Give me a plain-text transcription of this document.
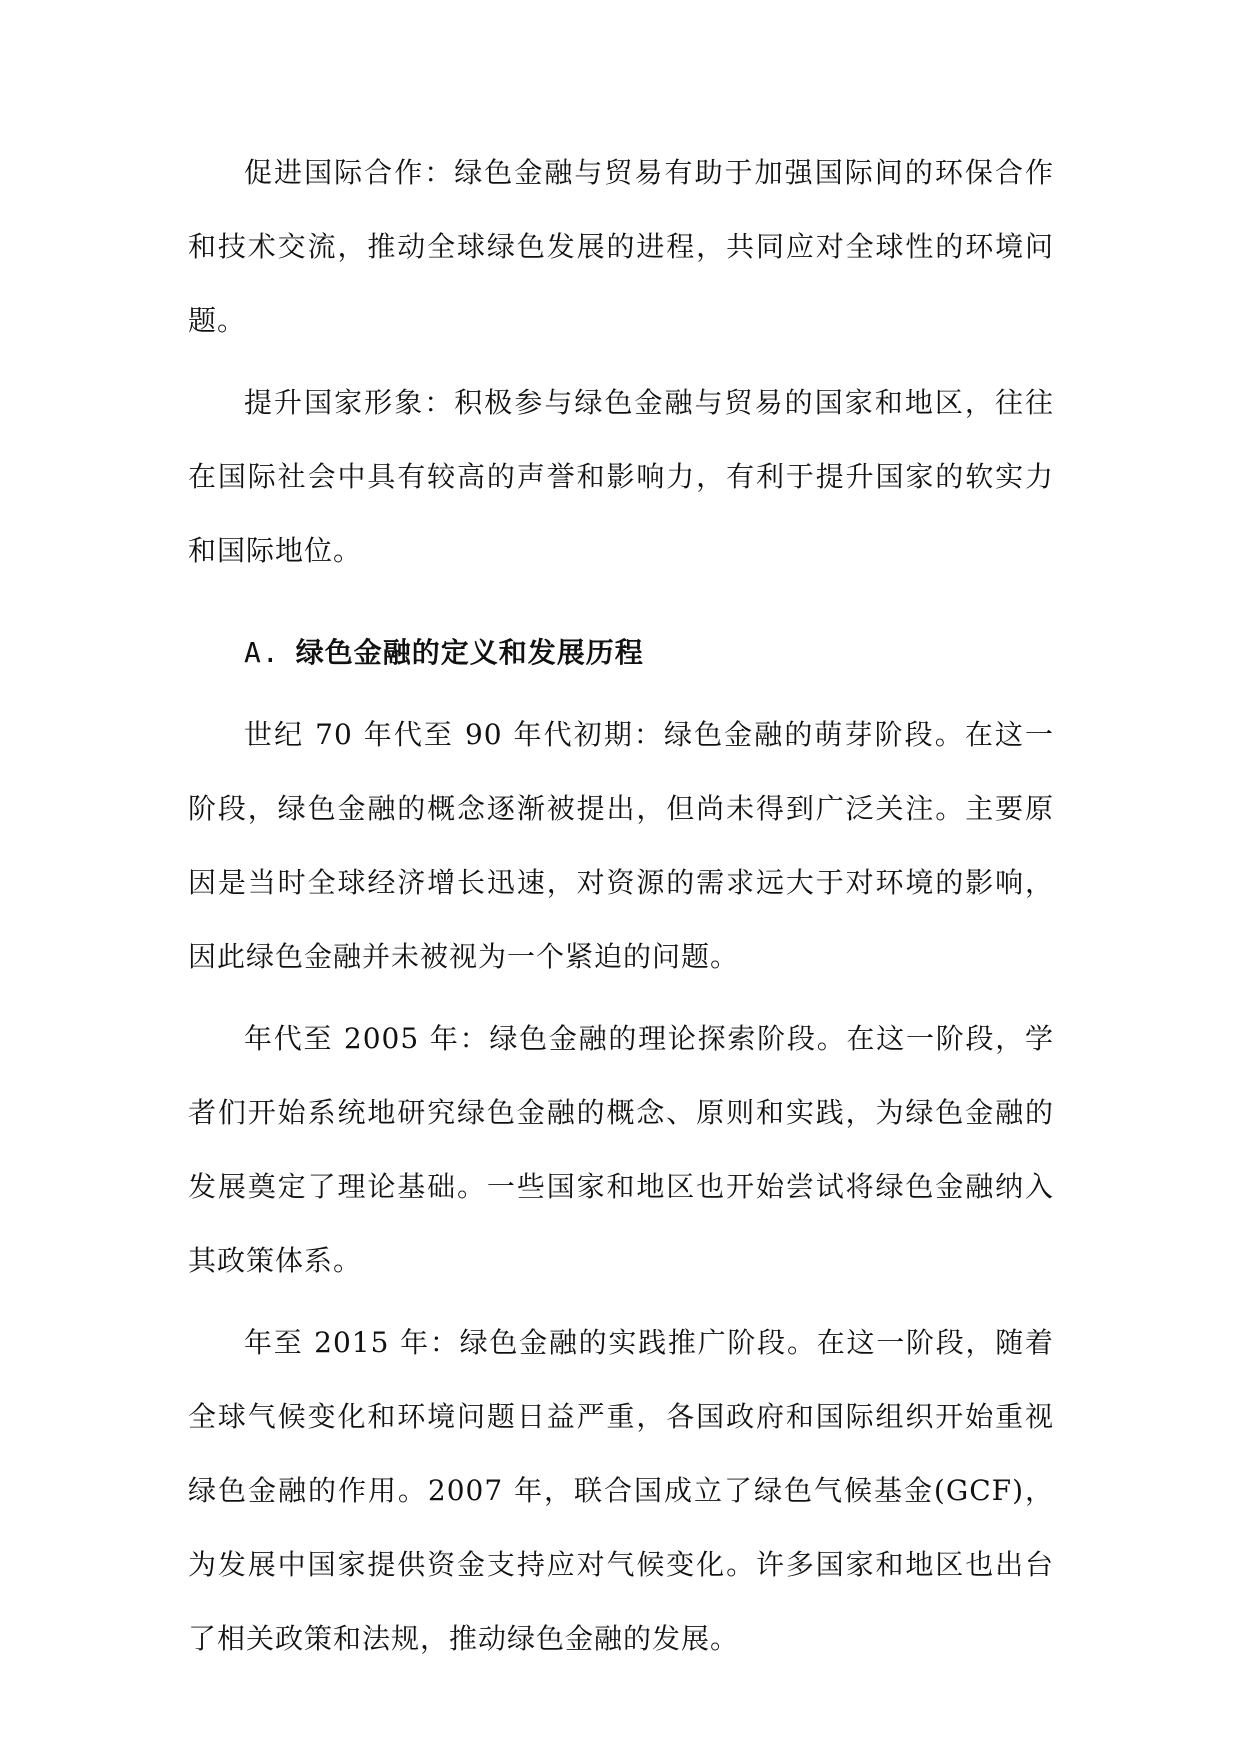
促进国际合作：绿色金融与贸易有助于加强国际间的环保合作和技术交流，推动全球绿色发展的进程，共同应对全球性的环境问题。

提升国家形象：积极参与绿色金融与贸易的国家和地区，往往在国际社会中具有较高的声誉和影响力，有利于提升国家的软实力和国际地位。

A. 绿色金融的定义和发展历程

世纪 70 年代至 90 年代初期：绿色金融的萌芽阶段。在这一阶段，绿色金融的概念逐渐被提出，但尚未得到广泛关注。主要原因是当时全球经济增长迅速，对资源的需求远大于对环境的影响，因此绿色金融并未被视为一个紧迫的问题。

年代至 2005 年：绿色金融的理论探索阶段。在这一阶段，学者们开始系统地研究绿色金融的概念、原则和实践，为绿色金融的发展奠定了理论基础。一些国家和地区也开始尝试将绿色金融纳入其政策体系。

年至 2015 年：绿色金融的实践推广阶段。在这一阶段，随着全球气候变化和环境问题日益严重，各国政府和国际组织开始重视绿色金融的作用。2007 年，联合国成立了绿色气候基金(GCF)，为发展中国家提供资金支持应对气候变化。许多国家和地区也出台了相关政策和法规，推动绿色金融的发展。
